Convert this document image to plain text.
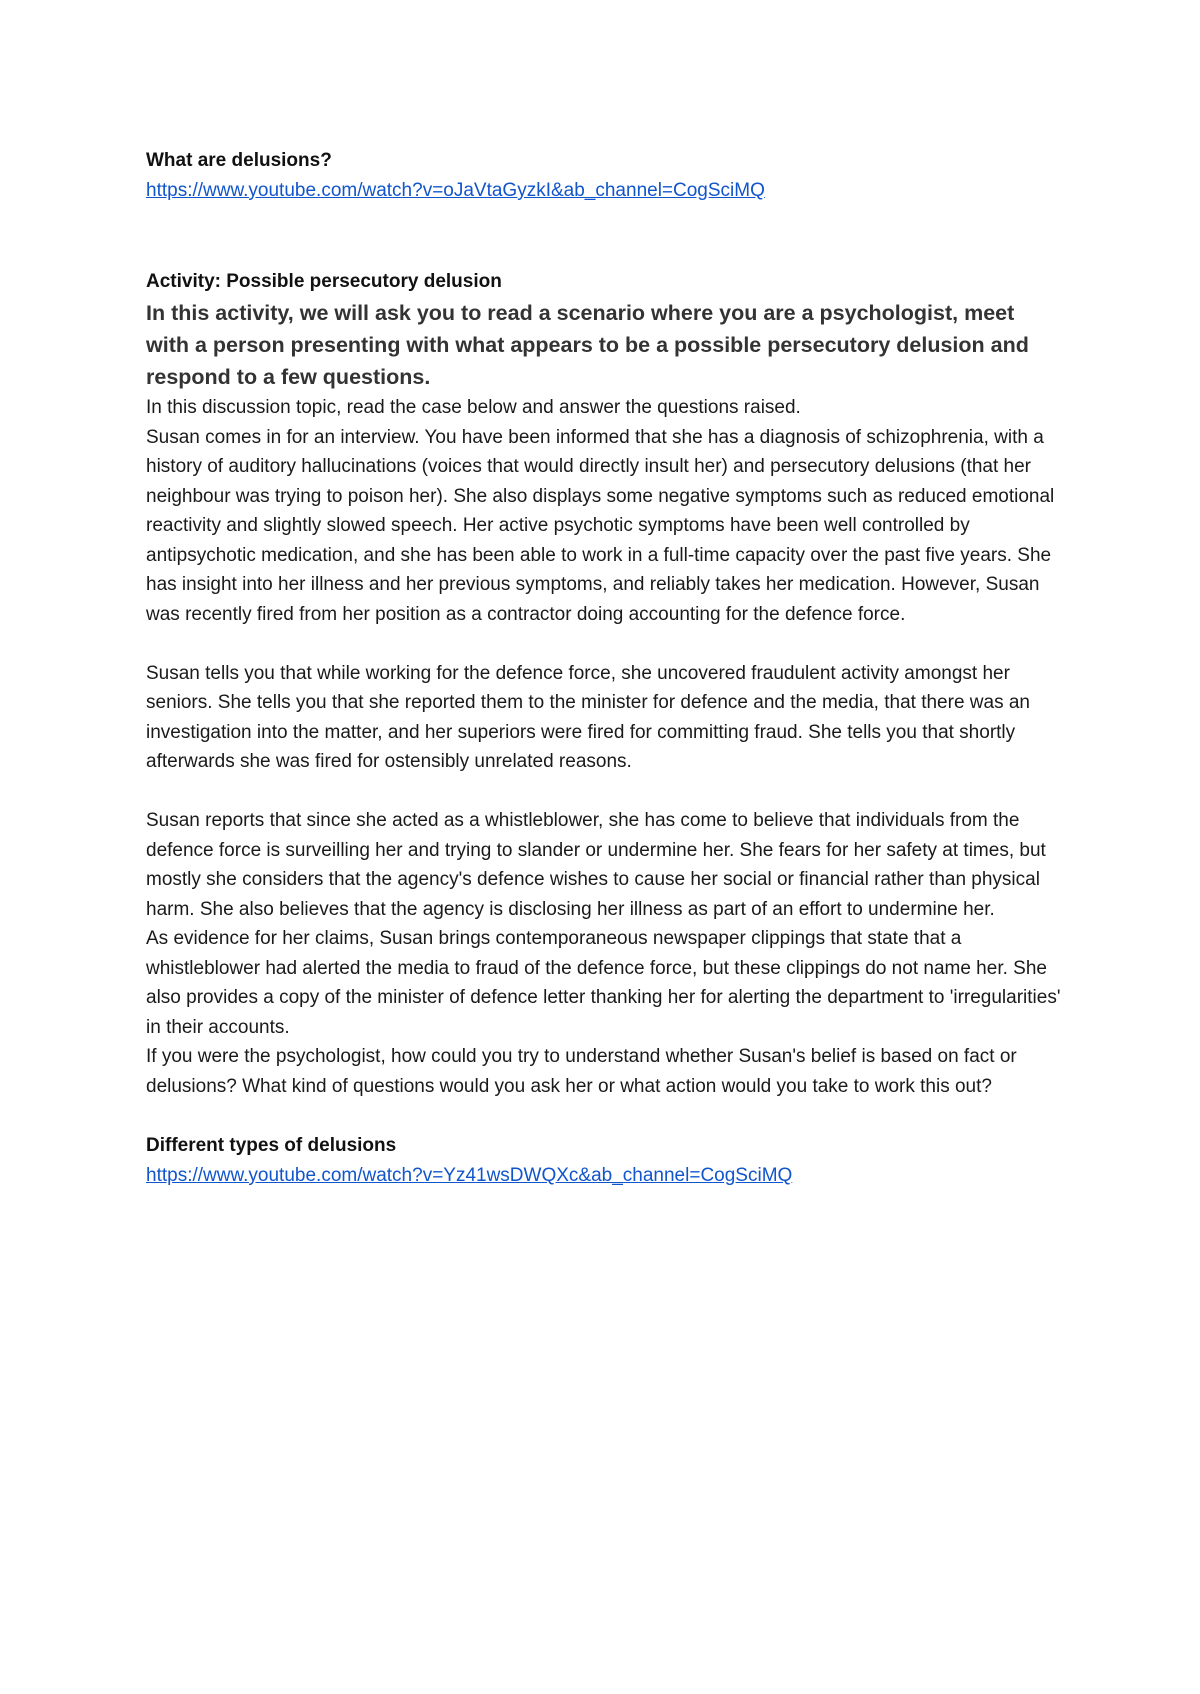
What are delusions?

https://www.youtube.com/watch?v=oJaVtaGyzkI&ab_channel=CogSciMQ

Activity: Possible persecutory delusion

In this activity, we will ask you to read a scenario where you are a psychologist, meet with a person presenting with what appears to be a possible persecutory delusion and respond to a few questions.

In this discussion topic, read the case below and answer the questions raised.

Susan comes in for an interview. You have been informed that she has a diagnosis of schizophrenia, with a history of auditory hallucinations (voices that would directly insult her) and persecutory delusions (that her neighbour was trying to poison her). She also displays some negative symptoms such as reduced emotional reactivity and slightly slowed speech. Her active psychotic symptoms have been well controlled by antipsychotic medication, and she has been able to work in a full-time capacity over the past five years. She has insight into her illness and her previous symptoms, and reliably takes her medication. However, Susan was recently fired from her position as a contractor doing accounting for the defence force.

Susan tells you that while working for the defence force, she uncovered fraudulent activity amongst her seniors. She tells you that she reported them to the minister for defence and the media, that there was an investigation into the matter, and her superiors were fired for committing fraud. She tells you that shortly afterwards she was fired for ostensibly unrelated reasons.

Susan reports that since she acted as a whistleblower, she has come to believe that individuals from the defence force is surveilling her and trying to slander or undermine her. She fears for her safety at times, but mostly she considers that the agency's defence wishes to cause her social or financial rather than physical harm. She also believes that the agency is disclosing her illness as part of an effort to undermine her.

As evidence for her claims, Susan brings contemporaneous newspaper clippings that state that a whistleblower had alerted the media to fraud of the defence force, but these clippings do not name her. She also provides a copy of the minister of defence letter thanking her for alerting the department to 'irregularities' in their accounts.

If you were the psychologist, how could you try to understand whether Susan's belief is based on fact or delusions? What kind of questions would you ask her or what action would you take to work this out?

Different types of delusions

https://www.youtube.com/watch?v=Yz41wsDWQXc&ab_channel=CogSciMQ
